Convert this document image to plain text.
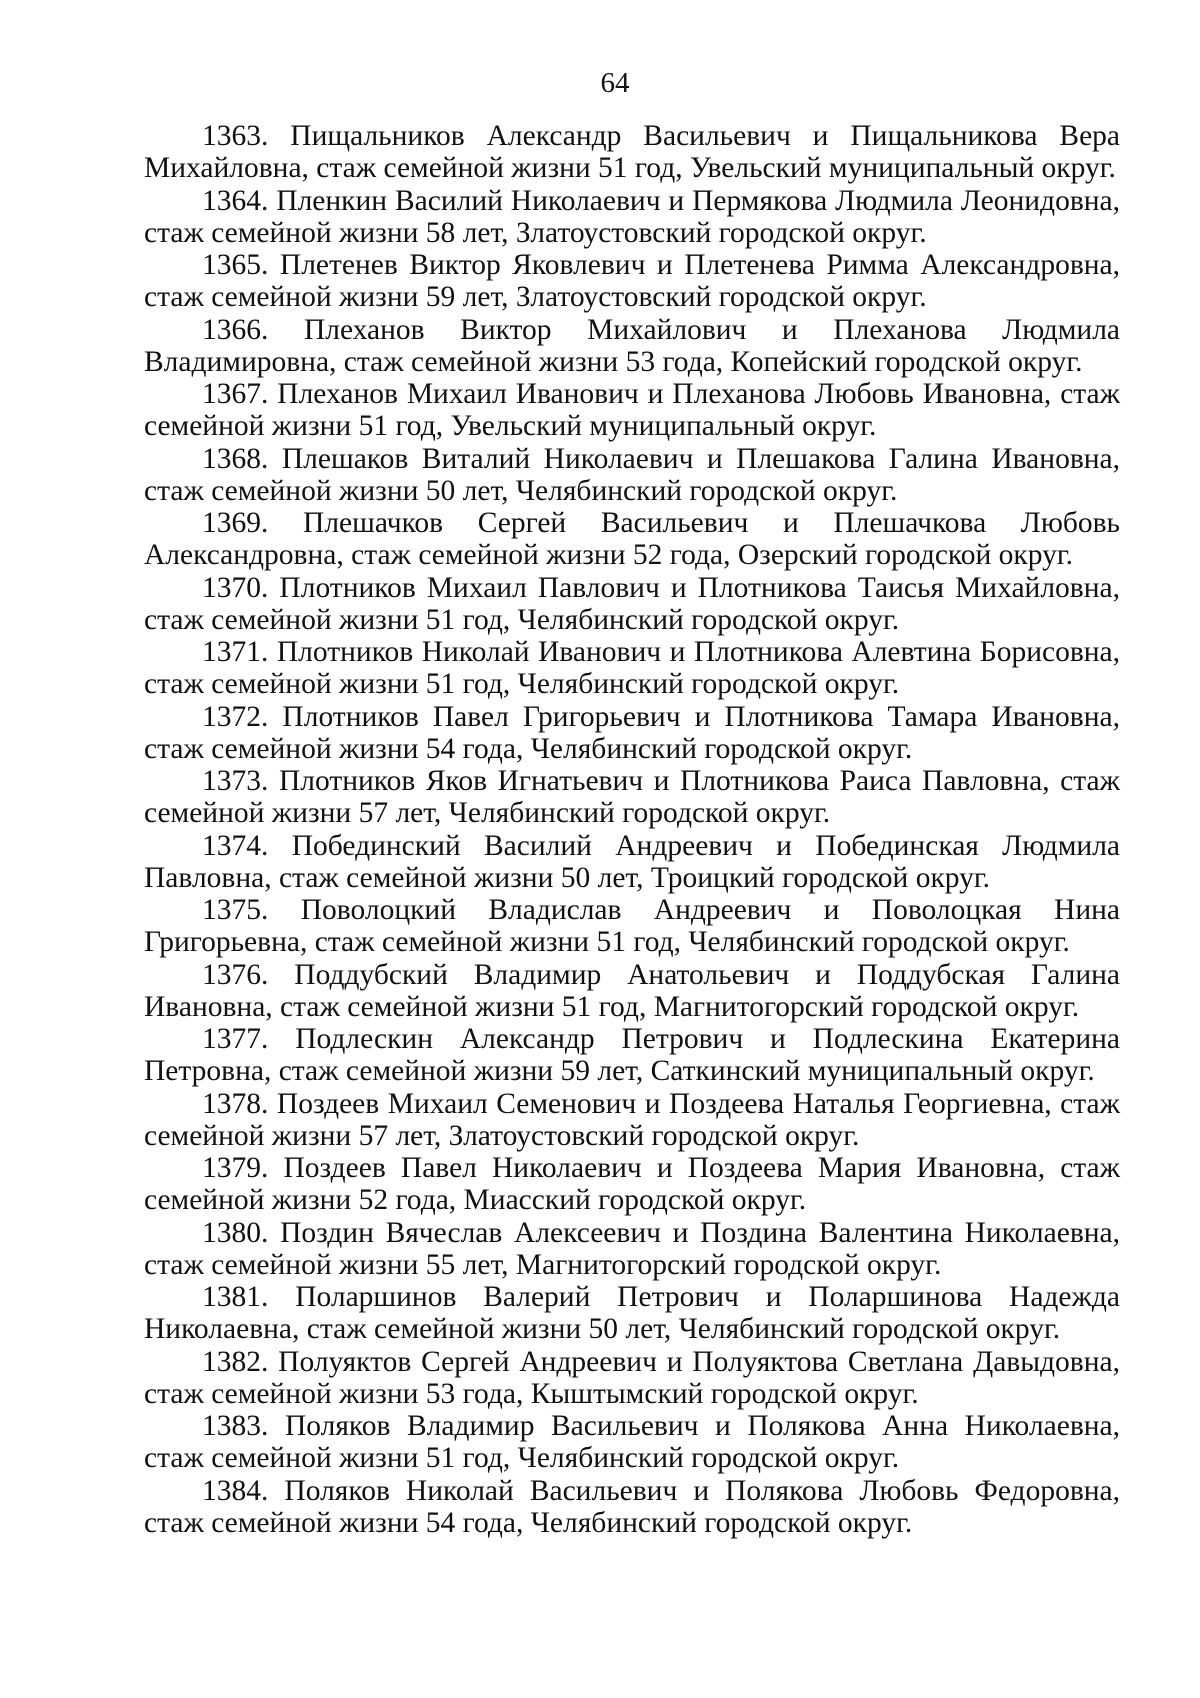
64
1363 . Пищальников Александр Васильевич и Пищальникова Вера Михайловна, стаж семейной жизни 51 год, Увельский муниципальный округ.
1364 . Пленкин Василий Николаевич и Пермякова Людмила Леонидовна, стаж семейной жизни 58 лет, Златоустовский городской округ.
1365 . Плетенев Виктор Яковлевич и Плетенева Римма Александровна, стаж семейной жизни 59 лет, Златоустовский городской округ.
1366 . Плеханов Виктор Михайлович и Плеханова Людмила Владимировна, стаж семейной жизни 53 года, Копейский городской округ.
1367 . Плеханов Михаил Иванович и Плеханова Любовь Ивановна, стаж семейной жизни 51 год, Увельский муниципальный округ.
1368 . Плешаков Виталий Николаевич и Плешакова Галина Ивановна, стаж семейной жизни 50 лет, Челябинский городской округ.
1369 . Плешачков Сергей Васильевич и Плешачкова Любовь Александровна, стаж семейной жизни 52 года, Озерский городской округ.
1370 . Плотников Михаил Павлович и Плотникова Таисья Михайловна, стаж семейной жизни 51 год, Челябинский городской округ.
1371 . Плотников Николай Иванович и Плотникова Алевтина Борисовна, стаж семейной жизни 51 год, Челябинский городской округ.
1372 . Плотников Павел Григорьевич и Плотникова Тамара Ивановна, стаж семейной жизни 54 года, Челябинский городской округ.
1373 . Плотников Яков Игнатьевич и Плотникова Раиса Павловна, стаж семейной жизни 57 лет, Челябинский городской округ.
1374 . Побединский Василий Андреевич и Побединская Людмила Павловна, стаж семейной жизни 50 лет, Троицкий городской округ.
1375 . Поволоцкий Владислав Андреевич и Поволоцкая Нина Григорьевна, стаж семейной жизни 51 год, Челябинский городской округ.
1376 . Поддубский Владимир Анатольевич и Поддубская Галина Ивановна, стаж семейной жизни 51 год, Магнитогорский городской округ.
1377 . Подлескин Александр Петрович и Подлескина Екатерина Петровна, стаж семейной жизни 59 лет, Саткинский муниципальный округ.
1378 . Поздеев Михаил Семенович и Поздеева Наталья Георгиевна, стаж семейной жизни 57 лет, Златоустовский городской округ.
1379 . Поздеев Павел Николаевич и Поздеева Мария Ивановна, стаж семейной жизни 52 года, Миасский городской округ.
1380 . Поздин Вячеслав Алексеевич и Поздина Валентина Николаевна, стаж семейной жизни 55 лет, Магнитогорский городской округ.
1381 . Поларшинов Валерий Петрович и Поларшинова Надежда Николаевна, стаж семейной жизни 50 лет, Челябинский городской округ.
1382 . Полуяктов Сергей Андреевич и Полуяктова Светлана Давыдовна, стаж семейной жизни 53 года, Кыштымский городской округ.
1383 . Поляков Владимир Васильевич и Полякова Анна Николаевна, стаж семейной жизни 51 год, Челябинский городской округ.
1384 . Поляков Николай Васильевич и Полякова Любовь Федоровна, стаж семейной жизни 54 года, Челябинский городской округ.
